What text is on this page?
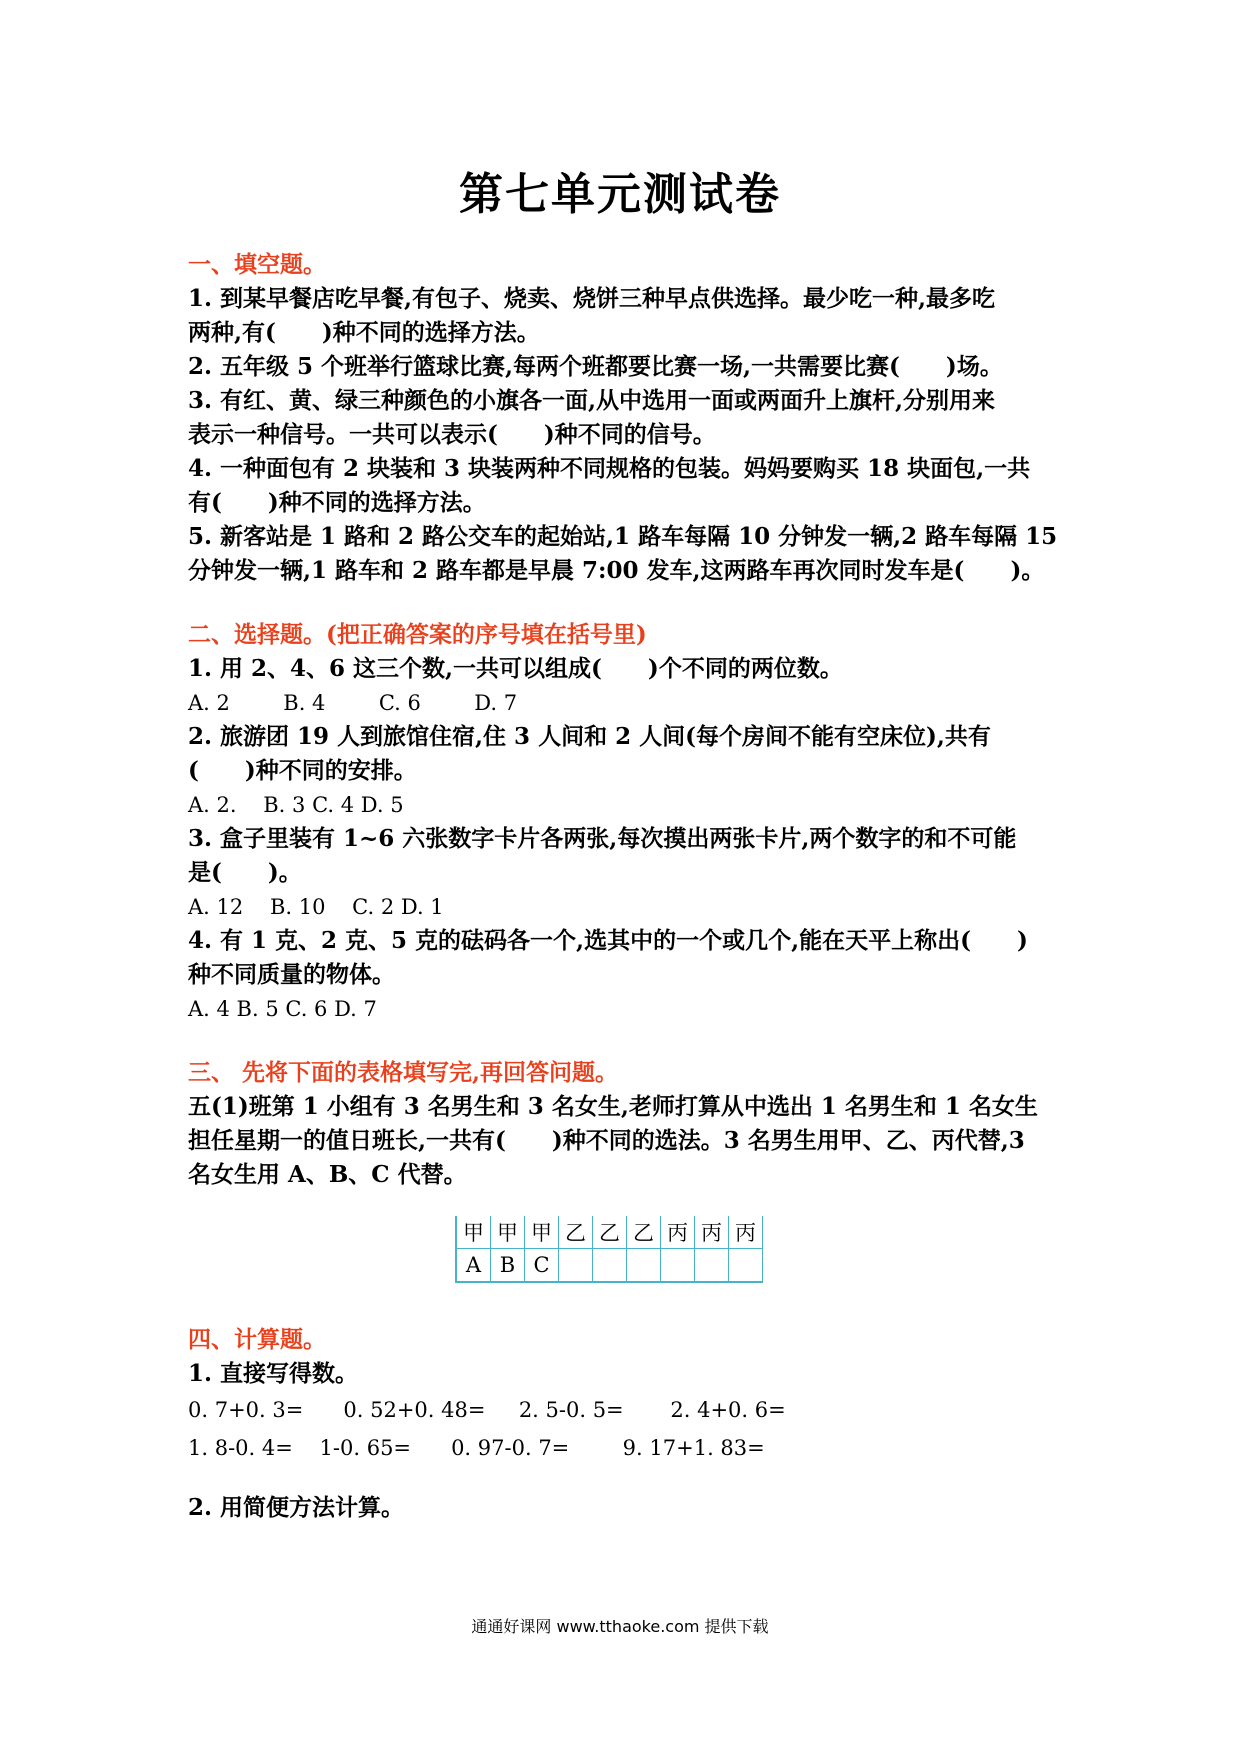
第七单元测试卷
一、填空题。
1. 到某早餐店吃早餐,有包子、烧卖、烧饼三种早点供选择。最少吃一种,最多吃
两种,有(　　)种不同的选择方法。
2. 五年级 5 个班举行篮球比赛,每两个班都要比赛一场,一共需要比赛(　　)场。
3. 有红、黄、绿三种颜色的小旗各一面,从中选用一面或两面升上旗杆,分别用来
表示一种信号。一共可以表示(　　)种不同的信号。
4. 一种面包有 2 块装和 3 块装两种不同规格的包装。妈妈要购买 18 块面包,一共
有(　　)种不同的选择方法。
5. 新客站是 1 路和 2 路公交车的起始站,1 路车每隔 10 分钟发一辆,2 路车每隔 15
分钟发一辆,1 路车和 2 路车都是早晨 7:00 发车,这两路车再次同时发车是(　　)。
二、选择题。(把正确答案的序号填在括号里)
1. 用 2、4、6 这三个数,一共可以组成(　　)个不同的两位数。
A. 2        B. 4        C. 6        D. 7
2. 旅游团 19 人到旅馆住宿,住 3 人间和 2 人间(每个房间不能有空床位),共有
(　　)种不同的安排。
A. 2.    B. 3 C. 4 D. 5
3. 盒子里装有 1~6 六张数字卡片各两张,每次摸出两张卡片,两个数字的和不可能
是(　　)。
A. 12    B. 10    C. 2 D. 1
4. 有 1 克、2 克、5 克的砝码各一个,选其中的一个或几个,能在天平上称出(　　)
种不同质量的物体。
A. 4 B. 5 C. 6 D. 7
三、 先将下面的表格填写完,再回答问题。
五(1)班第 1 小组有 3 名男生和 3 名女生,老师打算从中选出 1 名男生和 1 名女生
担任星期一的值日班长,一共有(　　)种不同的选法。3 名男生用甲、乙、丙代替,3
名女生用 A、B、C 代替。
甲	甲	甲	乙	乙	乙	丙	丙	丙
A	B	C						
四、计算题。
1. 直接写得数。
0. 7+0. 3=      0. 52+0. 48=     2. 5-0. 5=       2. 4+0. 6=
1. 8-0. 4=    1-0. 65=      0. 97-0. 7=        9. 17+1. 83=
2. 用简便方法计算。
通通好课网 www.tthaoke.com 提供下载
